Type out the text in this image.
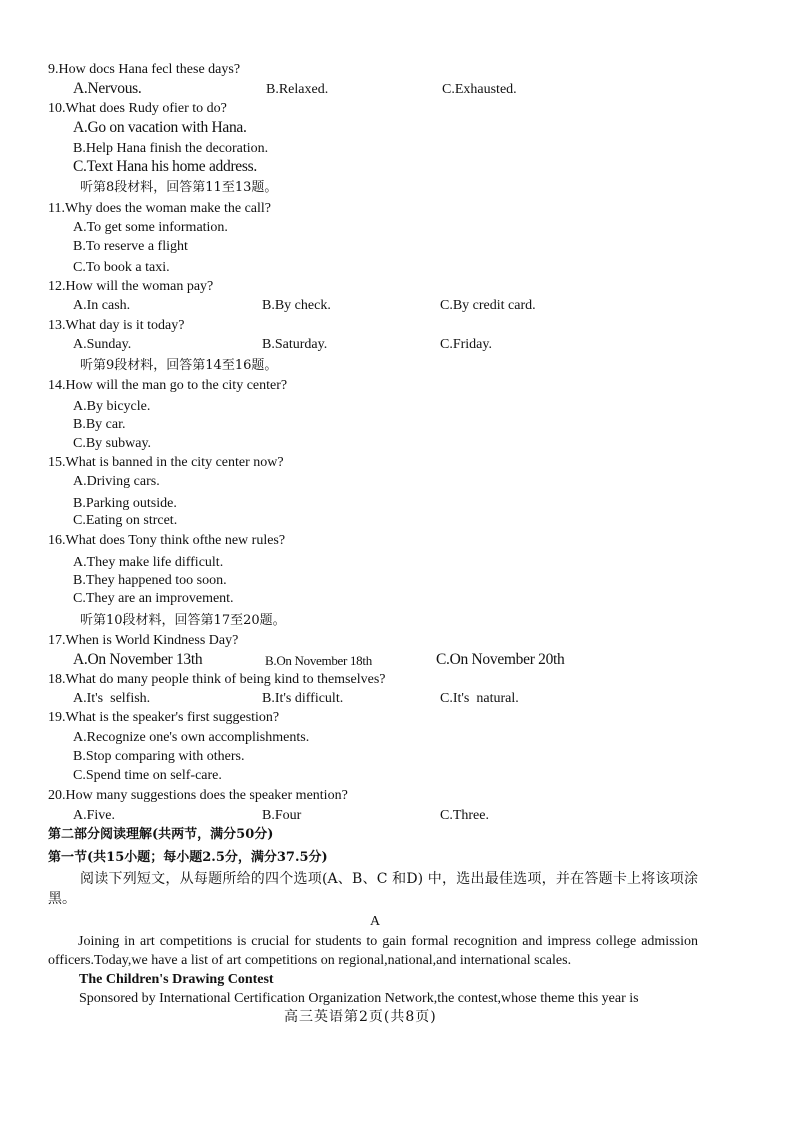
9.How docs Hana fecl these days?
A.Nervous.	B.Relaxed.	C.Exhausted.
10.What does Rudy ofier to do?
A.Go on vacation with Hana.
B.Help Hana finish the decoration.
C.Text Hana his home address.
听第8段材料，回答第11至13题。
11.Why does the woman make the call?
A.To get some information.
B.To reserve a flight
C.To book a taxi.
12.How will the woman pay?
A.In cash.	B.By check.	C.By credit card.
13.What day is it today?
A.Sunday.	B.Saturday.	C.Friday.
听第9段材料，回答第14至16题。
14.How will the man go to the city center?
A.By bicycle.
B.By car.
C.By subway.
15.What is banned in the city center now?
A.Driving cars.
B.Parking outside.
C.Eating on strcet.
16.What does Tony think ofthe new rules?
A.They make life difficult.
B.They happened too soon.
C.They are an improvement.
听第10段材料，回答第17至20题。
17.When is World Kindness Day?
A.On November 13th	B.On November 18th	C.On November 20th
18.What do many people think of being kind to themselves?
A.It's  selfish.	B.It's difficult.	C.It's  natural.
19.What is the speaker's first suggestion?
A.Recognize one's own accomplishments.
B.Stop comparing with others.
C.Spend time on self-care.
20.How many suggestions does the speaker mention?
A.Five.	B.Four	C.Three.
第二部分阅读理解(共两节，满分50分)
第一节(共15小题；每小题2.5分，满分37.5分)
阅读下列短文，从每题所给的四个选项(A、B、C 和D) 中，选出最佳选项，并在答题卡上将该项涂黑。
A
Joining in art competitions is crucial for students to gain formal recognition and impress college admission officers.Today,we have a list of art competitions on regional,national,and international scales.
The Children's Drawing Contest
Sponsored by International Certification Organization Network,the contest,whose theme this year is
高三英语第2页(共8页)
